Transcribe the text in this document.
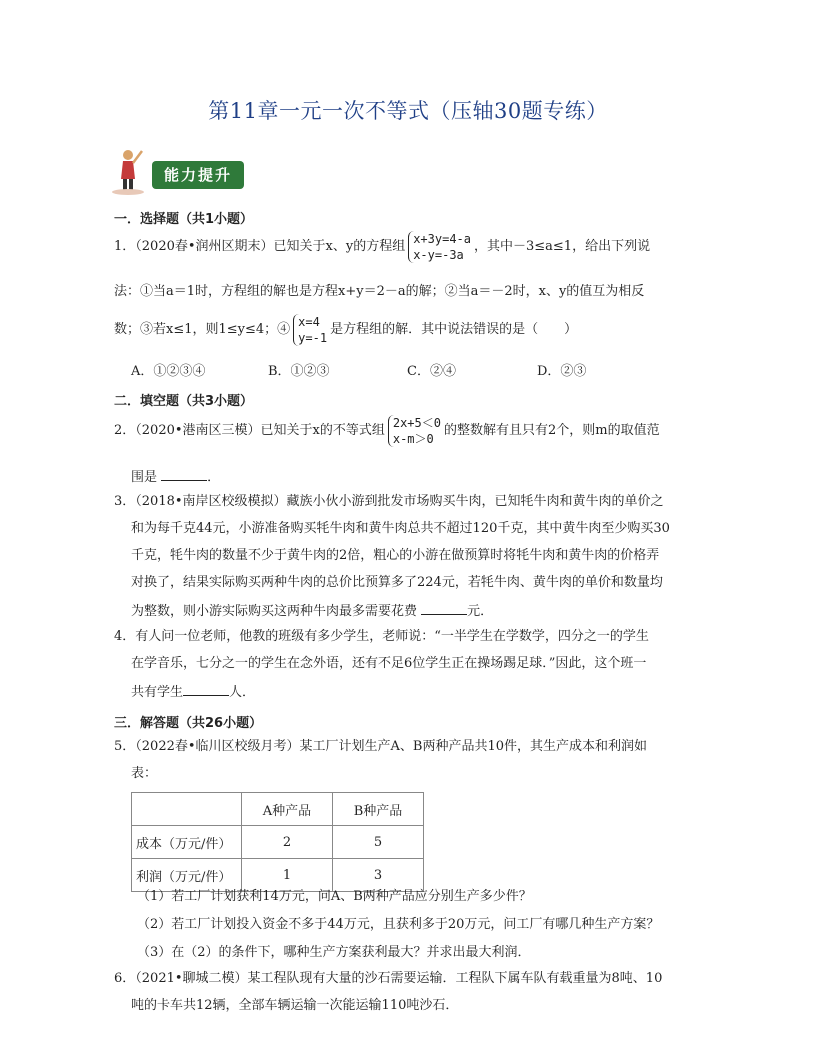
第11章一元一次不等式（压轴30题专练）
能力提升
一．选择题（共1小题）
1．（2020春•润州区期末）已知关于x、y的方程组x+3y=4-a
x-y=-3a，其中－3≤a≤1，给出下列说
法：①当a＝1时，方程组的解也是方程x+y＝2－a的解；②当a＝－2时，x、y的值互为相反
数；③若x≤1，则1≤y≤4；④x=4
y=-1是方程组的解．其中说法错误的是（　　）
A．①②③④	B．①②③	C．②④	D．②③
二．填空题（共3小题）
2．（2020•港南区三模）已知关于x的不等式组2x+5＜0
x-m＞0的整数解有且只有2个，则m的取值范
围是	．
3．（2018•南岸区校级模拟）藏族小伙小游到批发市场购买牛肉，已知牦牛肉和黄牛肉的单价之
和为每千克44元，小游准备购买牦牛肉和黄牛肉总共不超过120千克，其中黄牛肉至少购买30
千克，牦牛肉的数量不少于黄牛肉的2倍，粗心的小游在做预算时将牦牛肉和黄牛肉的价格弄
对换了，结果实际购买两种牛肉的总价比预算多了224元，若牦牛肉、黄牛肉的单价和数量均
为整数，则小游实际购买这两种牛肉最多需要花费	元．
4．有人问一位老师，他教的班级有多少学生，老师说：“一半学生在学数学，四分之一的学生
在学音乐，七分之一的学生在念外语，还有不足6位学生正在操场踢足球．”因此，这个班一
共有学生	人．
三．解答题（共26小题）
5．（2022春•临川区校级月考）某工厂计划生产A、B两种产品共10件，其生产成本和利润如
表：
	A种产品	B种产品
成本（万元/件）	2	5
利润（万元/件）	1	3
（1）若工厂计划获利14万元，问A、B两种产品应分别生产多少件？
（2）若工厂计划投入资金不多于44万元，且获利多于20万元，问工厂有哪几种生产方案？
（3）在（2）的条件下，哪种生产方案获利最大？并求出最大利润．
6．（2021•聊城二模）某工程队现有大量的沙石需要运输．工程队下属车队有载重量为8吨、10
吨的卡车共12辆，全部车辆运输一次能运输110吨沙石．
